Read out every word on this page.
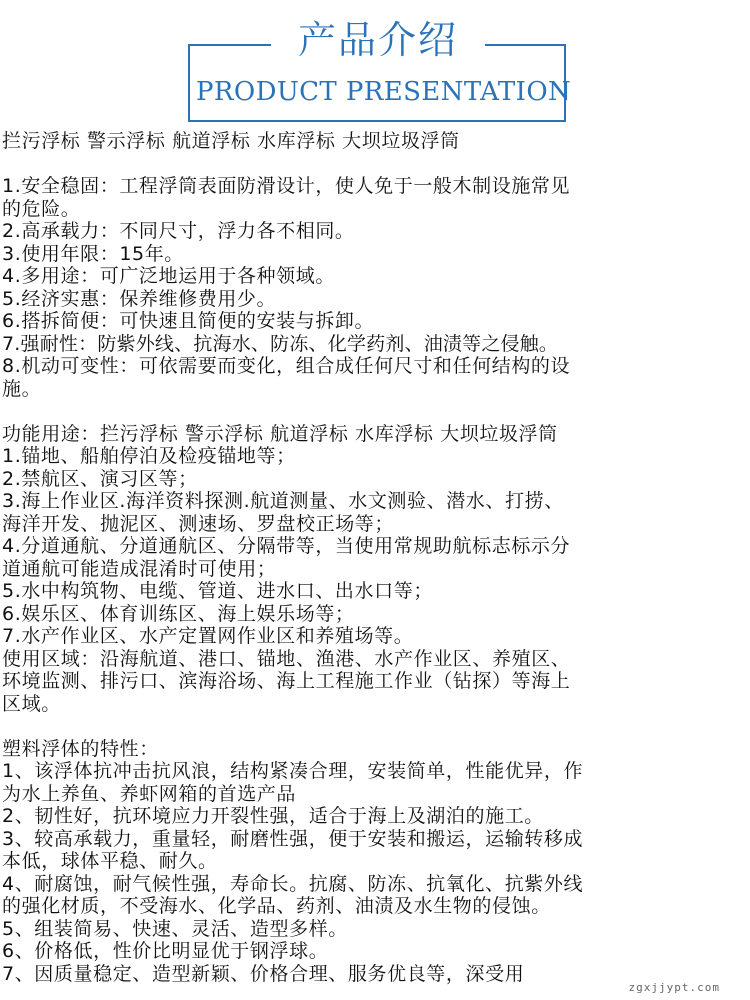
产品介绍
PRODUCT PRESENTATION
拦污浮标 警示浮标 航道浮标 水库浮标 大坝垃圾浮筒
1.安全稳固：工程浮筒表面防滑设计，使人免于一般木制设施常见
的危险。
2.高承载力：不同尺寸，浮力各不相同。
3.使用年限：15年。
4.多用途：可广泛地运用于各种领域。
5.经济实惠：保养维修费用少。
6.搭拆简便：可快速且简便的安装与拆卸。
7.强耐性：防紫外线、抗海水、防冻、化学药剂、油渍等之侵触。
8.机动可变性：可依需要而变化，组合成任何尺寸和任何结构的设
施。
功能用途：拦污浮标 警示浮标 航道浮标 水库浮标 大坝垃圾浮筒
1.锚地、船舶停泊及检疫锚地等；
2.禁航区、演习区等；
3.海上作业区.海洋资料探测.航道测量、水文测验、潜水、打捞、
海洋开发、抛泥区、测速场、罗盘校正场等；
4.分道通航、分道通航区、分隔带等，当使用常规助航标志标示分
道通航可能造成混淆时可使用；
5.水中构筑物、电缆、管道、进水口、出水口等；
6.娱乐区、体育训练区、海上娱乐场等；
7.水产作业区、水产定置网作业区和养殖场等。
使用区域：沿海航道、港口、锚地、渔港、水产作业区、养殖区、
环境监测、排污口、滨海浴场、海上工程施工作业（钻探）等海上
区域。
塑料浮体的特性：
1、该浮体抗冲击抗风浪，结构紧凑合理，安装简单，性能优异，作
为水上养鱼、养虾网箱的首选产品
2、韧性好，抗环境应力开裂性强，适合于海上及湖泊的施工。
3、较高承载力，重量轻，耐磨性强，便于安装和搬运，运输转移成
本低，球体平稳、耐久。
4、耐腐蚀，耐气候性强，寿命长。抗腐、防冻、抗氧化、抗紫外线
的强化材质，不受海水、化学品、药剂、油渍及水生物的侵蚀。
5、组装简易、快速、灵活、造型多样。
6、价格低，性价比明显优于钢浮球。
7、因质量稳定、造型新颖、价格合理、服务优良等，深受用
zgxjjypt.com
